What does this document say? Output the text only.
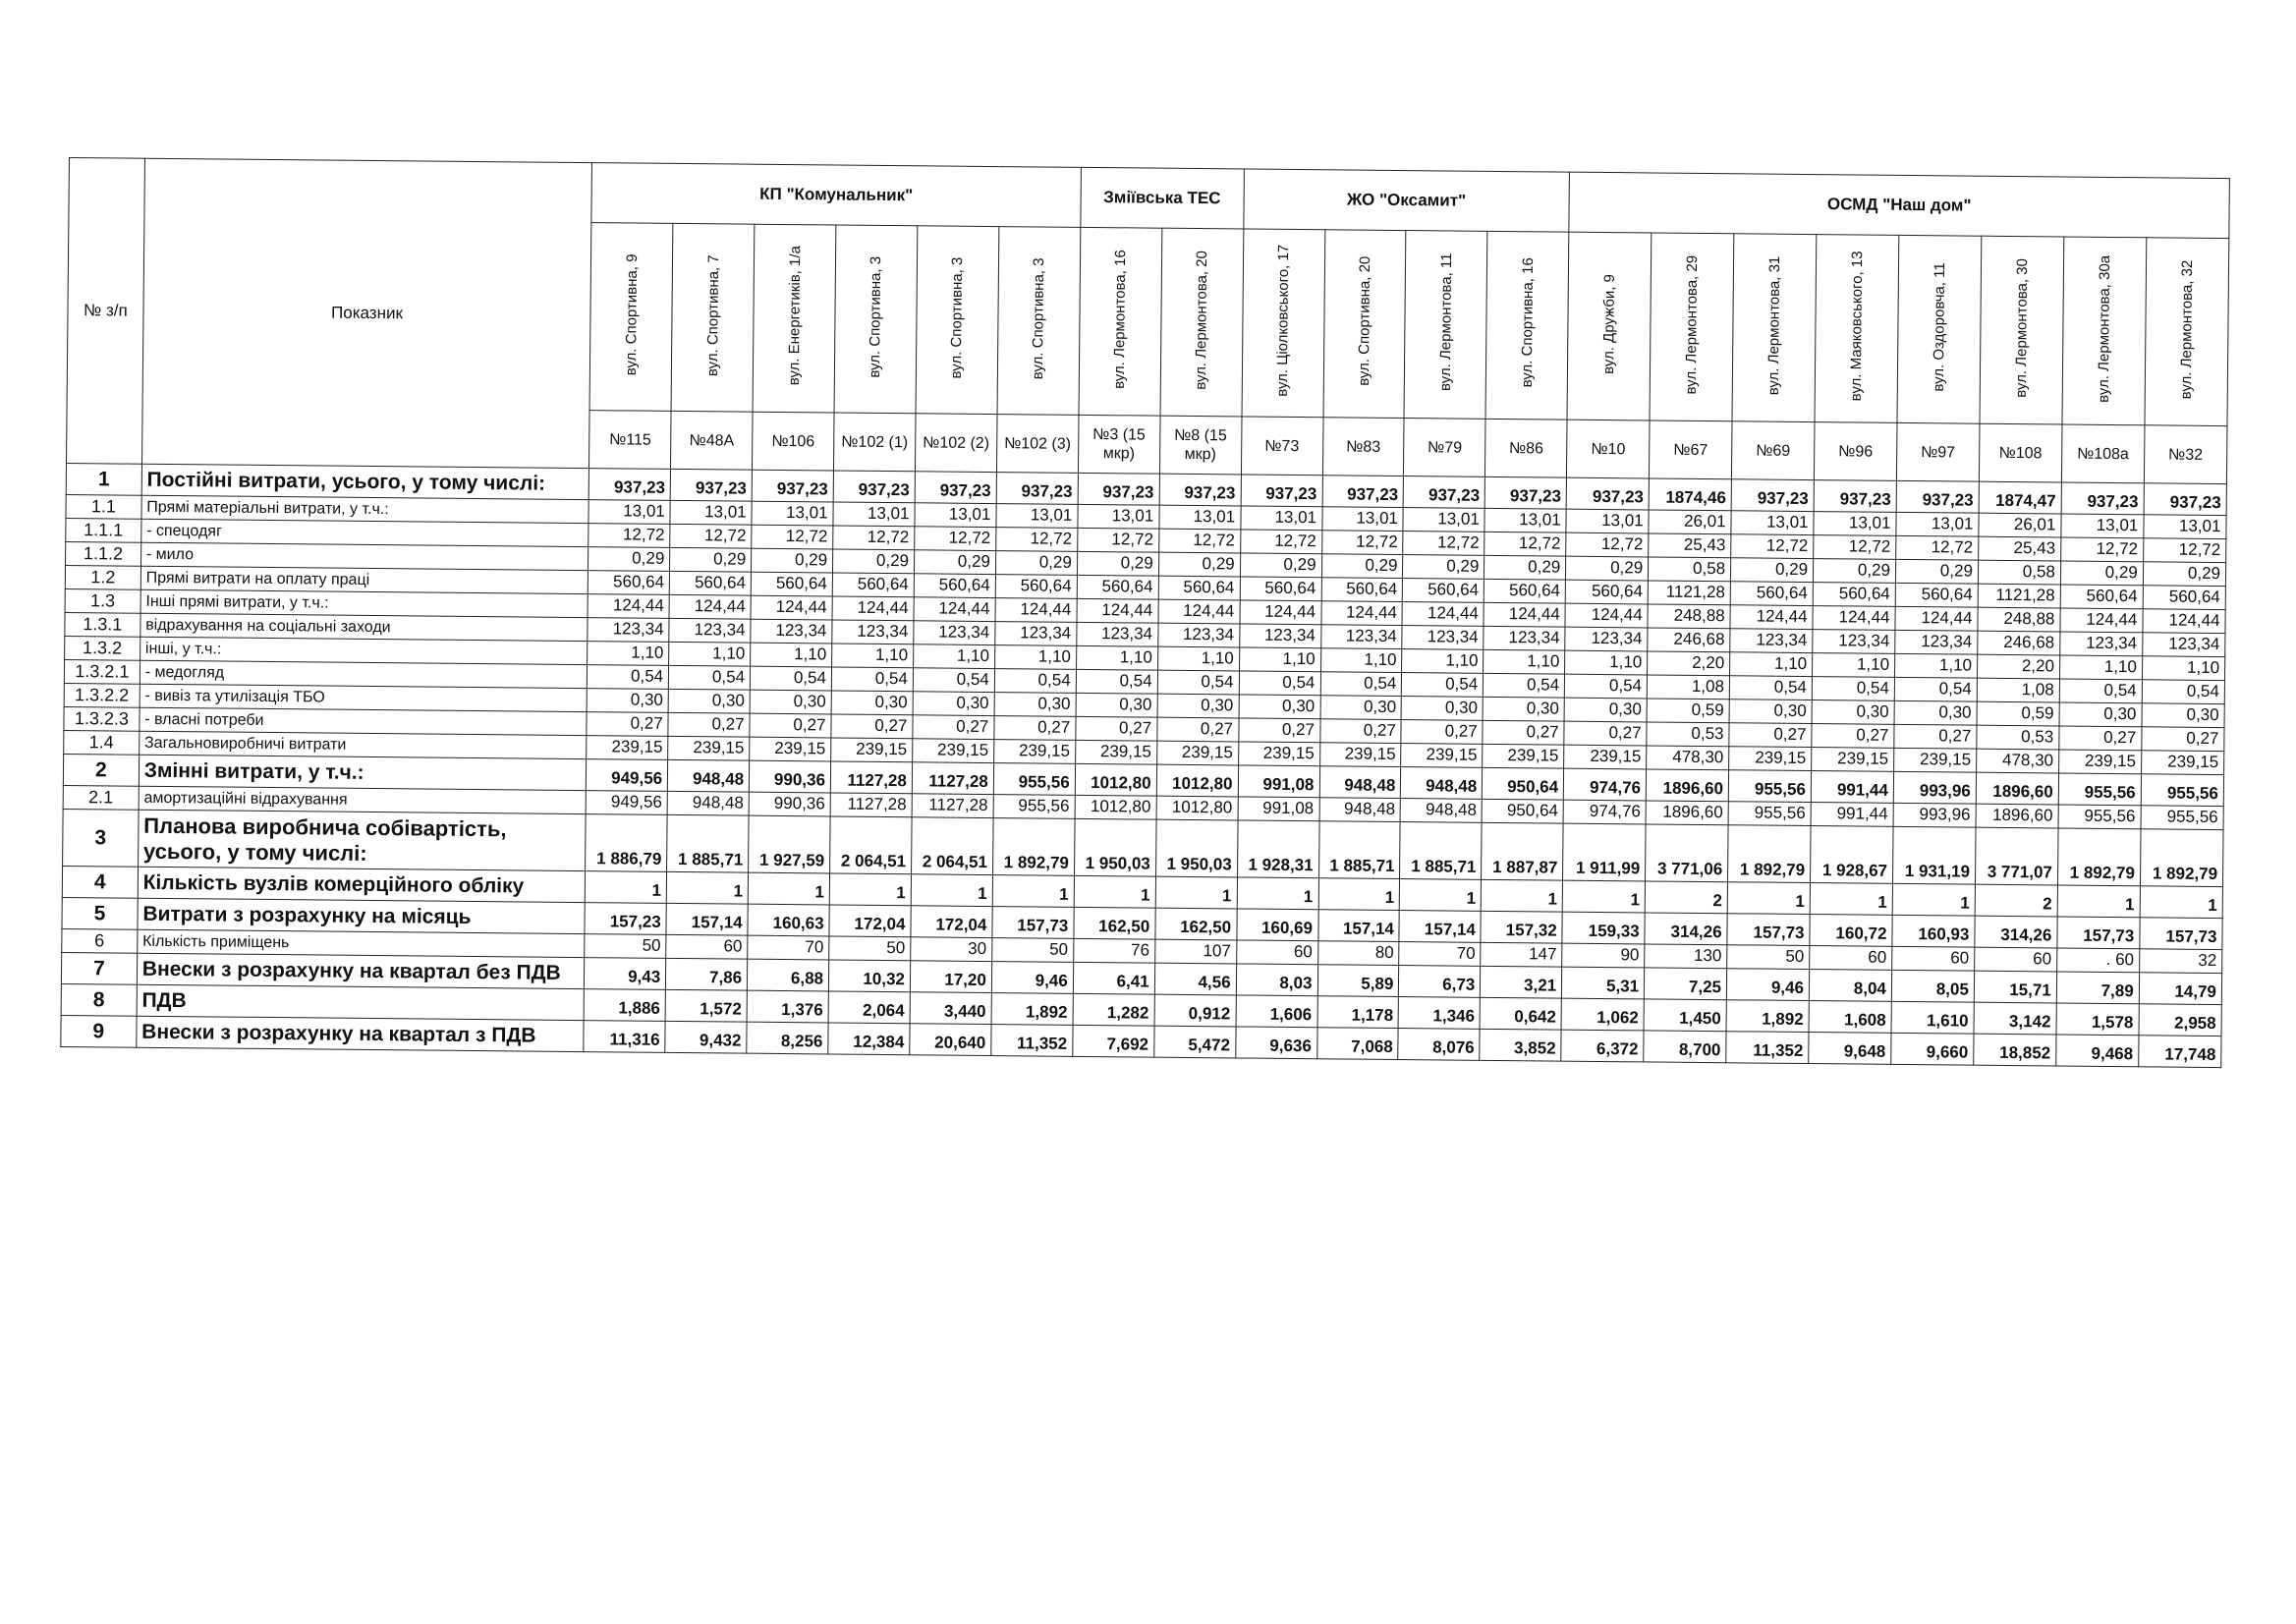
№ з/п	Показник	КП "Комунальник"						Зміївська ТЕС		ЖО "Оксамит"				ОСМД "Наш дом"							
		вул. Спортивна, 9	вул. Спортивна, 7	вул. Енергетиків, 1/а	вул. Спортивна, 3	вул. Спортивна, 3	вул. Спортивна, 3	вул. Лермонтова, 16	вул. Лермонтова, 20	вул. Ціолковського, 17	вул. Спортивна, 20	вул. Лермонтова, 11	вул. Спортивна, 16	вул. Дружби, 9	вул. Лермонтова, 29	вул. Лермонтова, 31	вул. Маяковського, 13	вул. Оздоровча, 11	вул. Лермонтова, 30	вул. Лермонтова, 30а	вул. Лермонтова, 32
		№115	№48А	№106	№102 (1)	№102 (2)	№102 (3)	№3 (15 мкр)	№8 (15 мкр)	№73	№83	№79	№86	№10	№67	№69	№96	№97	№108	№108а	№32
1	Постійні витрати, усього, у тому числі:	937,23	937,23	937,23	937,23	937,23	937,23	937,23	937,23	937,23	937,23	937,23	937,23	937,23	1874,46	937,23	937,23	937,23	1874,47	937,23	937,23
1.1	Прямі матеріальні витрати, у т.ч.:	13,01	13,01	13,01	13,01	13,01	13,01	13,01	13,01	13,01	13,01	13,01	13,01	13,01	26,01	13,01	13,01	13,01	26,01	13,01	13,01
1.1.1	- спецодяг	12,72	12,72	12,72	12,72	12,72	12,72	12,72	12,72	12,72	12,72	12,72	12,72	12,72	25,43	12,72	12,72	12,72	25,43	12,72	12,72
1.1.2	- мило	0,29	0,29	0,29	0,29	0,29	0,29	0,29	0,29	0,29	0,29	0,29	0,29	0,29	0,58	0,29	0,29	0,29	0,58	0,29	0,29
1.2	Прямі витрати на оплату праці	560,64	560,64	560,64	560,64	560,64	560,64	560,64	560,64	560,64	560,64	560,64	560,64	560,64	1121,28	560,64	560,64	560,64	1121,28	560,64	560,64
1.3	Інші прямі витрати, у т.ч.:	124,44	124,44	124,44	124,44	124,44	124,44	124,44	124,44	124,44	124,44	124,44	124,44	124,44	248,88	124,44	124,44	124,44	248,88	124,44	124,44
1.3.1	відрахування на соціальні заходи	123,34	123,34	123,34	123,34	123,34	123,34	123,34	123,34	123,34	123,34	123,34	123,34	123,34	246,68	123,34	123,34	123,34	246,68	123,34	123,34
1.3.2	інші, у т.ч.:	1,10	1,10	1,10	1,10	1,10	1,10	1,10	1,10	1,10	1,10	1,10	1,10	1,10	2,20	1,10	1,10	1,10	2,20	1,10	1,10
1.3.2.1	- медогляд	0,54	0,54	0,54	0,54	0,54	0,54	0,54	0,54	0,54	0,54	0,54	0,54	0,54	1,08	0,54	0,54	0,54	1,08	0,54	0,54
1.3.2.2	- вивіз та утилізація ТБО	0,30	0,30	0,30	0,30	0,30	0,30	0,30	0,30	0,30	0,30	0,30	0,30	0,30	0,59	0,30	0,30	0,30	0,59	0,30	0,30
1.3.2.3	- власні потреби	0,27	0,27	0,27	0,27	0,27	0,27	0,27	0,27	0,27	0,27	0,27	0,27	0,27	0,53	0,27	0,27	0,27	0,53	0,27	0,27
1.4	Загальновиробничі витрати	239,15	239,15	239,15	239,15	239,15	239,15	239,15	239,15	239,15	239,15	239,15	239,15	239,15	478,30	239,15	239,15	239,15	478,30	239,15	239,15
2	Змінні витрати, у т.ч.:	949,56	948,48	990,36	1127,28	1127,28	955,56	1012,80	1012,80	991,08	948,48	948,48	950,64	974,76	1896,60	955,56	991,44	993,96	1896,60	955,56	955,56
2.1	амортизаційні відрахування	949,56	948,48	990,36	1127,28	1127,28	955,56	1012,80	1012,80	991,08	948,48	948,48	950,64	974,76	1896,60	955,56	991,44	993,96	1896,60	955,56	955,56
3	Планова виробнича собівартість, усього, у тому числі:	1 886,79	1 885,71	1 927,59	2 064,51	2 064,51	1 892,79	1 950,03	1 950,03	1 928,31	1 885,71	1 885,71	1 887,87	1 911,99	3 771,06	1 892,79	1 928,67	1 931,19	3 771,07	1 892,79	1 892,79
4	Кількість вузлів комерційного обліку	1	1	1	1	1	1	1	1	1	1	1	1	1	2	1	1	1	2	1	1
5	Витрати з розрахунку на місяць	157,23	157,14	160,63	172,04	172,04	157,73	162,50	162,50	160,69	157,14	157,14	157,32	159,33	314,26	157,73	160,72	160,93	314,26	157,73	157,73
6	Кількість приміщень	50	60	70	50	30	50	76	107	60	80	70	147	90	130	50	60	60	60	. 60	32
7	Внески з розрахунку на квартал без ПДВ	9,43	7,86	6,88	10,32	17,20	9,46	6,41	4,56	8,03	5,89	6,73	3,21	5,31	7,25	9,46	8,04	8,05	15,71	7,89	14,79
8	ПДВ	1,886	1,572	1,376	2,064	3,440	1,892	1,282	0,912	1,606	1,178	1,346	0,642	1,062	1,450	1,892	1,608	1,610	3,142	1,578	2,958
9	Внески з розрахунку на квартал з ПДВ	11,316	9,432	8,256	12,384	20,640	11,352	7,692	5,472	9,636	7,068	8,076	3,852	6,372	8,700	11,352	9,648	9,660	18,852	9,468	17,748
